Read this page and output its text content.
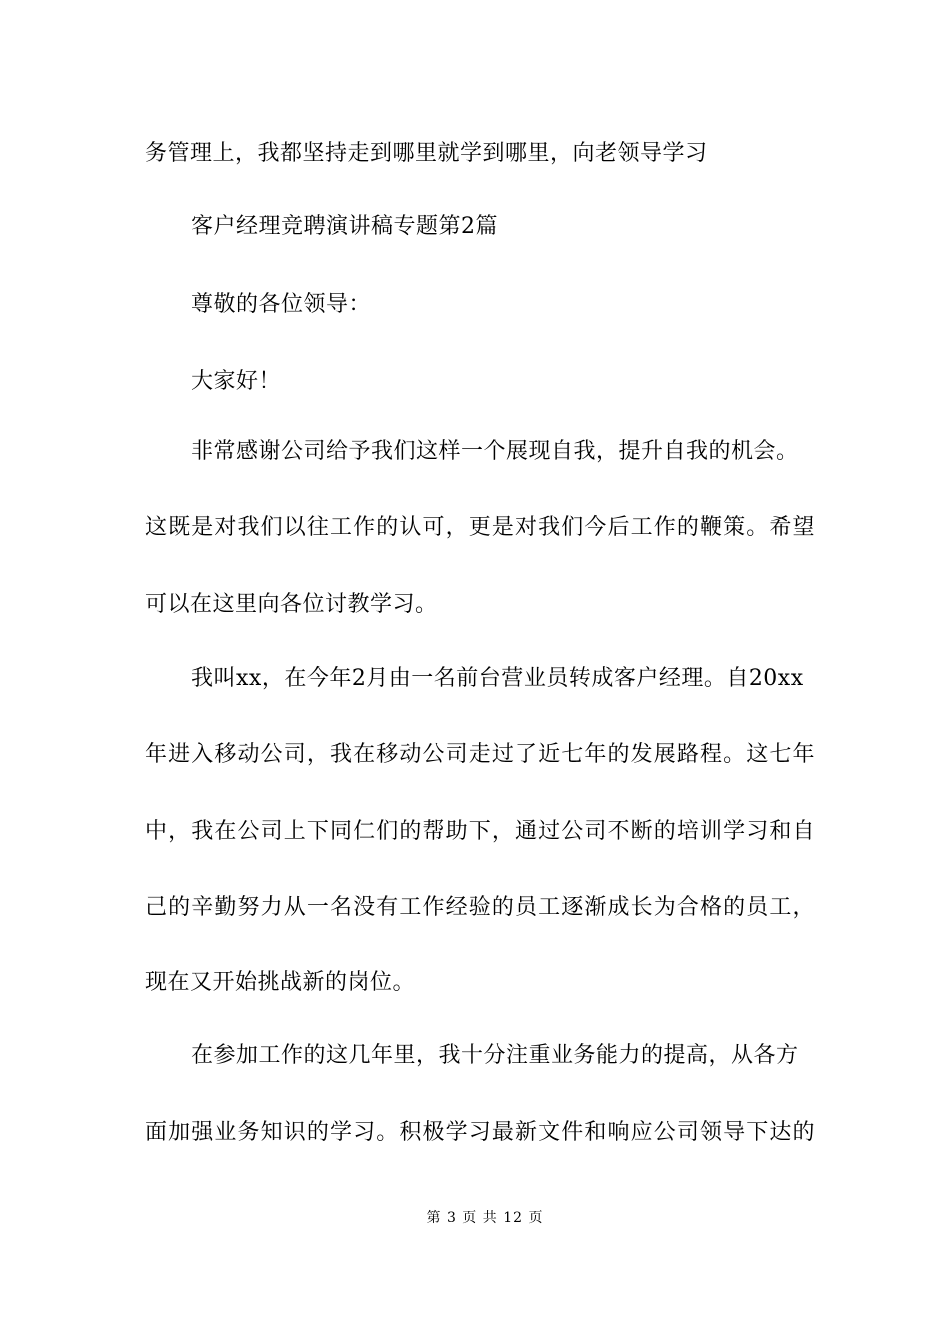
务管理上，我都坚持走到哪里就学到哪里，向老领导学习
客户经理竞聘演讲稿专题第2篇
尊敬的各位领导：
大家好！
非常感谢公司给予我们这样一个展现自我，提升自我的机会。
这既是对我们以往工作的认可，更是对我们今后工作的鞭策。希望
可以在这里向各位讨教学习。
我叫xx，在今年2月由一名前台营业员转成客户经理。自20xx
年进入移动公司，我在移动公司走过了近七年的发展路程。这七年
中，我在公司上下同仁们的帮助下，通过公司不断的培训学习和自
己的辛勤努力从一名没有工作经验的员工逐渐成长为合格的员工，
现在又开始挑战新的岗位。
在参加工作的这几年里，我十分注重业务能力的提高，从各方
面加强业务知识的学习。积极学习最新文件和响应公司领导下达的
第 3 页 共 12 页
